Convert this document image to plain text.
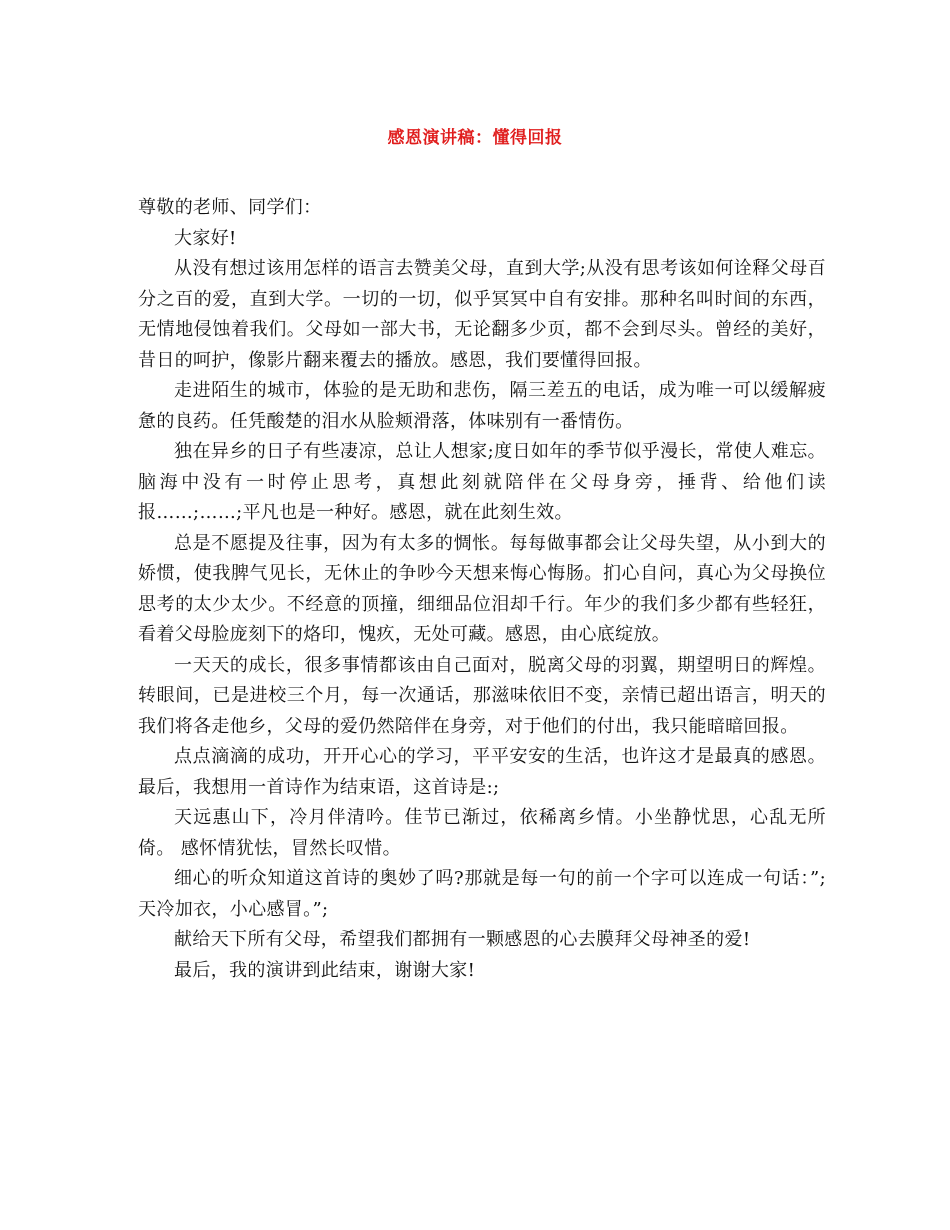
感恩演讲稿：懂得回报

尊敬的老师、同学们：

大家好!

从没有想过该用怎样的语言去赞美父母，直到大学;从没有思考该如何诠释父母百分之百的爱，直到大学。一切的一切，似乎冥冥中自有安排。那种名叫时间的东西，无情地侵蚀着我们。父母如一部大书，无论翻多少页，都不会到尽头。曾经的美好，昔日的呵护，像影片翻来覆去的播放。感恩，我们要懂得回报。

走进陌生的城市，体验的是无助和悲伤，隔三差五的电话，成为唯一可以缓解疲惫的良药。任凭酸楚的泪水从脸颊滑落，体味别有一番情伤。

独在异乡的日子有些凄凉，总让人想家;度日如年的季节似乎漫长，常使人难忘。脑海中没有一时停止思考，真想此刻就陪伴在父母身旁，捶背、给他们读报……;……;平凡也是一种好。感恩，就在此刻生效。

总是不愿提及往事，因为有太多的惆怅。每每做事都会让父母失望，从小到大的娇惯，使我脾气见长，无休止的争吵今天想来悔心悔肠。扪心自问，真心为父母换位思考的太少太少。不经意的顶撞，细细品位泪却千行。年少的我们多少都有些轻狂，看着父母脸庞刻下的烙印，愧疚，无处可藏。感恩，由心底绽放。

一天天的成长，很多事情都该由自己面对，脱离父母的羽翼，期望明日的辉煌。转眼间，已是进校三个月，每一次通话，那滋味依旧不变，亲情已超出语言，明天的我们将各走他乡，父母的爱仍然陪伴在身旁，对于他们的付出，我只能暗暗回报。

点点滴滴的成功，开开心心的学习，平平安安的生活，也许这才是最真的感恩。最后，我想用一首诗作为结束语，这首诗是:;

天远惠山下，冷月伴清吟。佳节已渐过，依稀离乡情。小坐静忧思，心乱无所倚。 感怀情犹怯，冒然长叹惜。

细心的听众知道这首诗的奥妙了吗?那就是每一句的前一个字可以连成一句话：”;天冷加衣，小心感冒。”;

献给天下所有父母，希望我们都拥有一颗感恩的心去膜拜父母神圣的爱!

最后，我的演讲到此结束，谢谢大家!
